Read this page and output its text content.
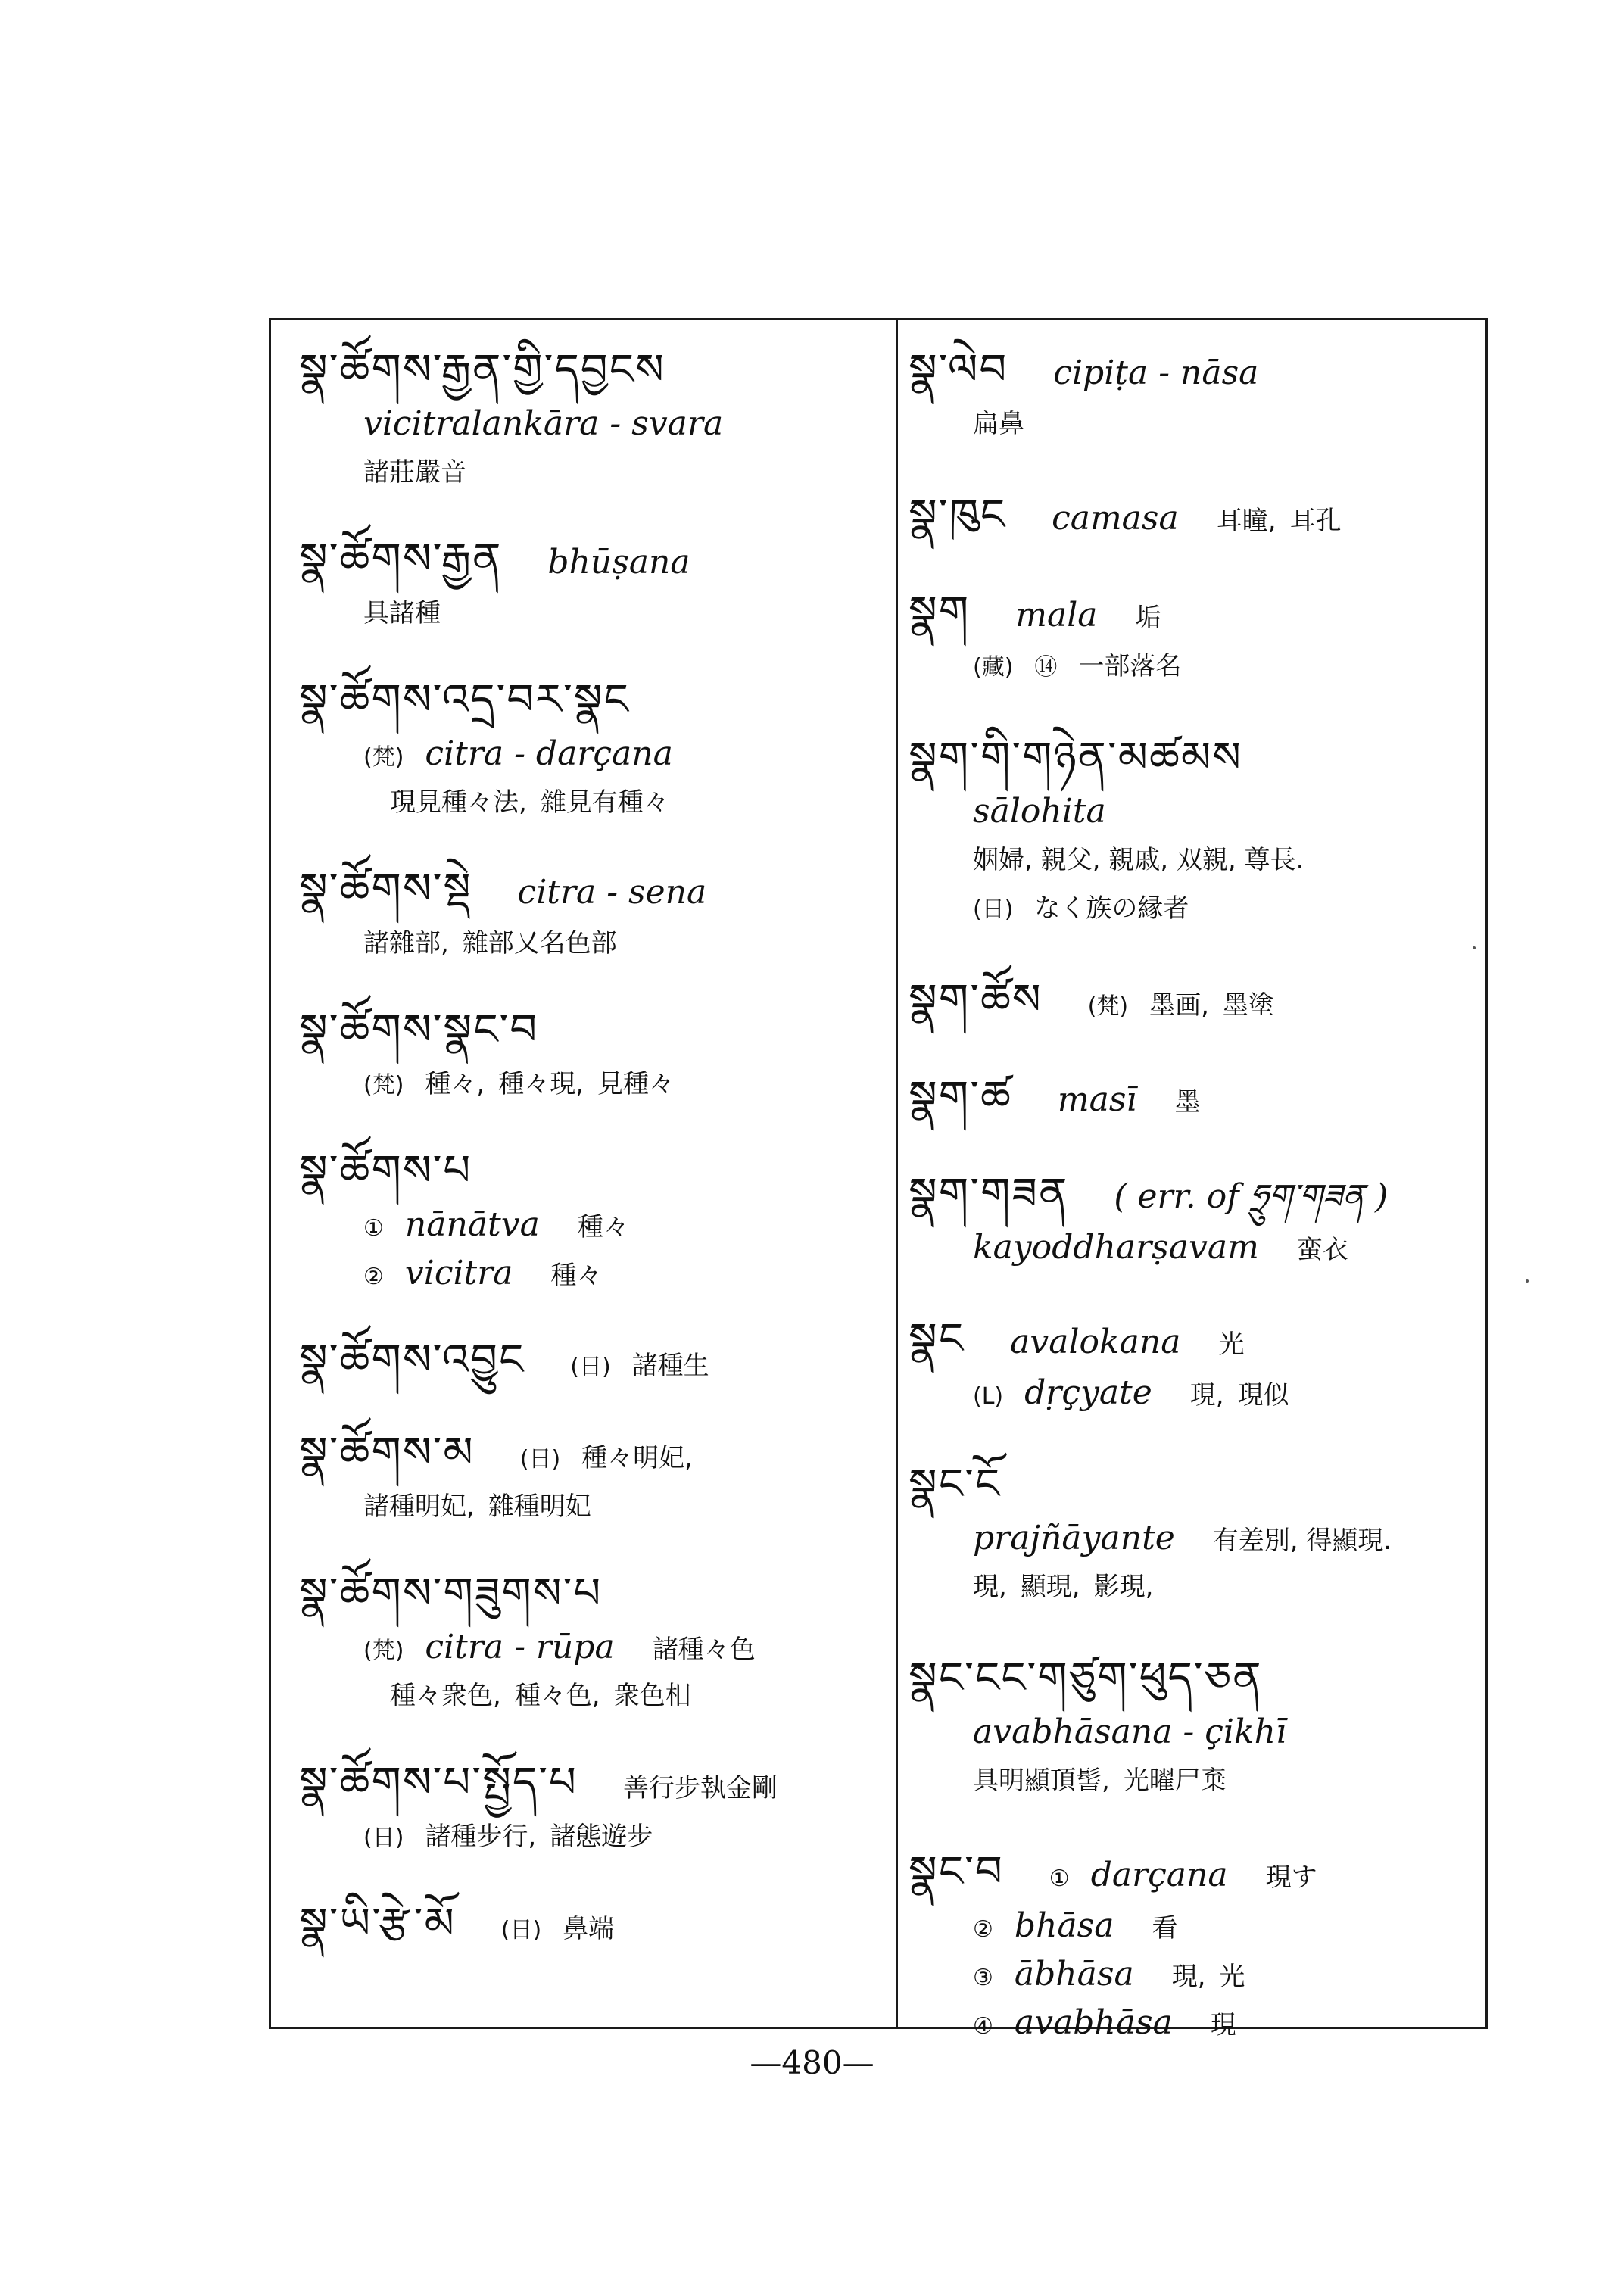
སྣ་ཚོགས་རྒྱན་གྱི་དབྱངས
vicitralankāra - svara
諸莊嚴音
སྣ་ཚོགས་རྒྱན bhūṣana
具諸種
སྣ་ཚོགས་འདྲ་བར་སྣང
(梵) citra - darçana
現見種々法, 雜見有種々
སྣ་ཚོགས་སྡེ citra - sena
諸雜部, 雜部又名色部
སྣ་ཚོགས་སྣང་བ
(梵) 種々, 種々現, 見種々
སྣ་ཚོགས་པ
① nānātva 種々
② vicitra 種々
སྣ་ཚོགས་འབྱུང (日) 諸種生
སྣ་ཚོགས་མ (日) 種々明妃,
諸種明妃, 雜種明妃
སྣ་ཚོགས་གཟུགས་པ
(梵) citra - rūpa 諸種々色
種々衆色, 種々色, 衆色相
སྣ་ཚོགས་པ་སྤྱོད་པ 善行步執金剛
(日) 諸種步行, 諸態遊步
སྣ་ཡི་རྩེ་མོ (日) 鼻端
སྣ་ལེབ cipiṭa - nāsa
扁鼻
སྣ་ཁུང camasa 耳瞳, 耳孔
སྣག mala 垢
(藏) ⑭ 一部落名
སྣག་གི་གཉེན་མཚམས
sālohita
姻婦, 親父, 親戚, 双親, 尊長.
(日) なく族の縁者
སྣག་ཚོས (梵) 墨画, 墨塗
སྣག་ཚ masī 墨
སྣག་གཟན ( err. of ཧྲུག་གཟན )
kayoddharṣavam 蛮衣
སྣང avalokana 光
(L) dṛçyate 現, 現似
སྣང་ངོ
prajñāyante 有差別, 得顯現.
現, 顯現, 影現,
སྣང་ངང་གཙུག་ཕུད་ཅན
avabhāsana - çikhī
具明顯頂髻, 光曜尸棄
སྣང་བ ① darçana 現す
② bhāsa 看
③ ābhāsa 現, 光
④ avabhāsa 現
—480—
